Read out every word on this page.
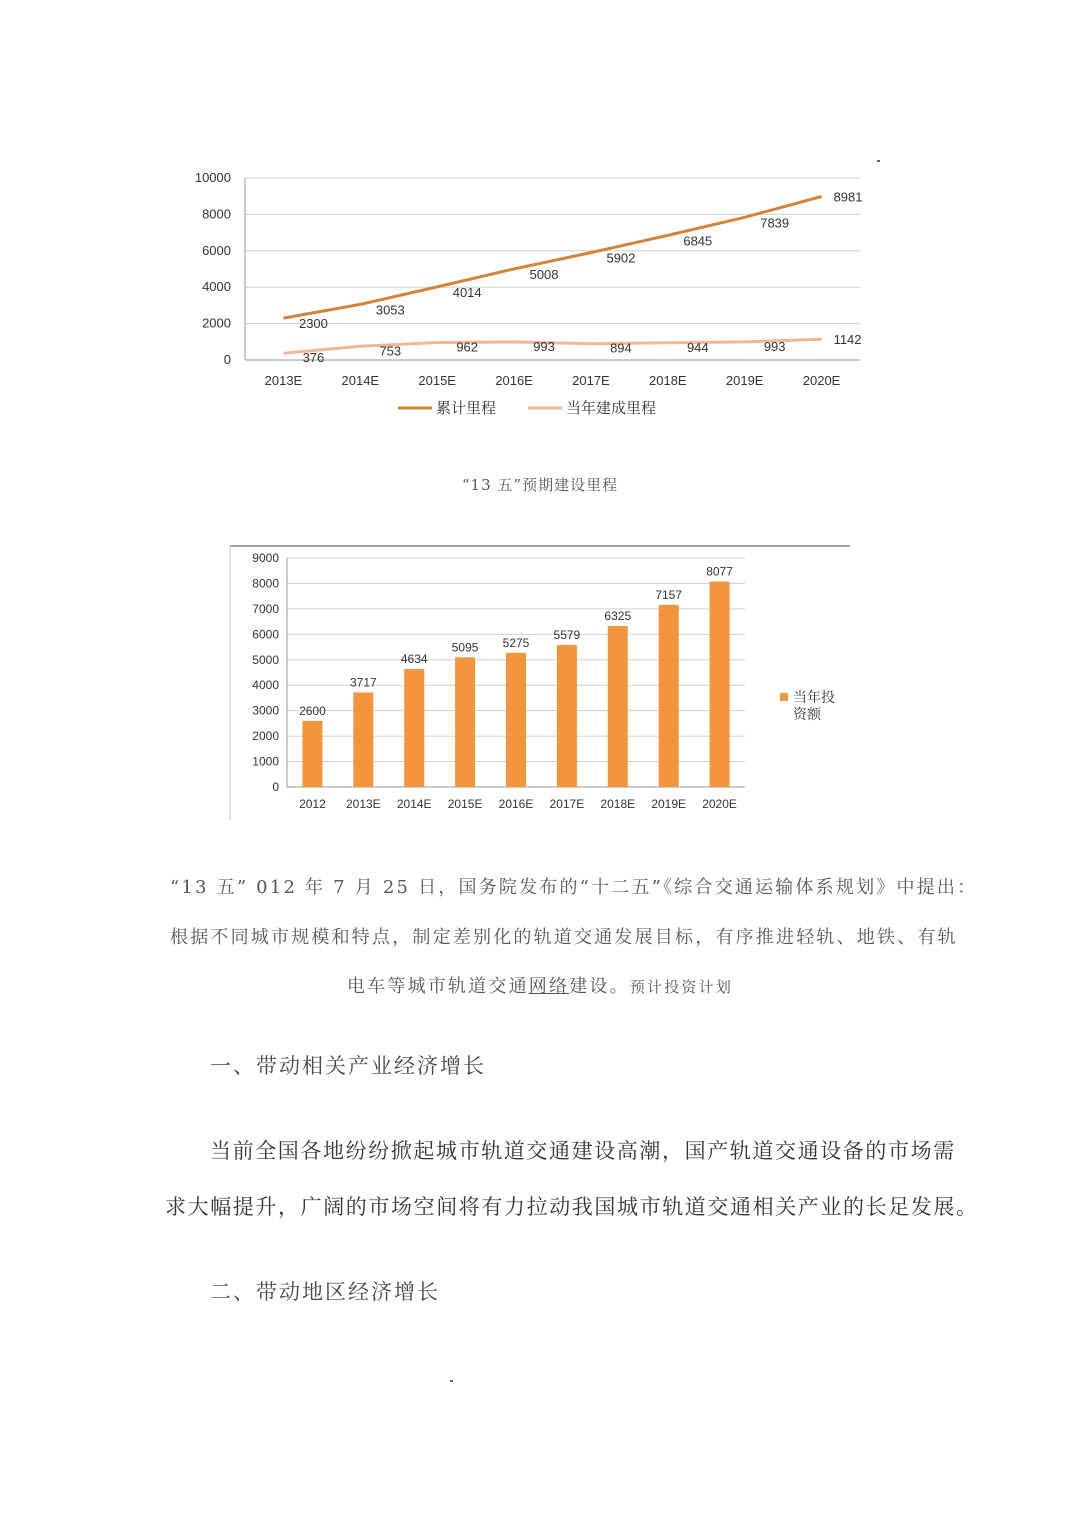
0
2000
4000
6000
8000
10000
2013E	2014E	2015E	2016E	2017E	2018E	2019E	2020E
2300
3053
4014
5008
5902
6845
7839
8981
376	753	962	993	894	944	993	1142
累计里程	当年建成里程
“13 五”预期建设里程
0
1000
2000
3000
4000
5000
6000
7000
8000
9000
2600
3717
4634
5095 5275
5579
6325
7157
8077
2012 2013E 2014E 2015E 2016E 2017E 2018E 2019E 2020E
当年投资额
“13 五” 012 年 7 月 25 日，国务院发布的“十二五”《综合交通运输体系规划》中提出：
根据不同城市规模和特点，制定差别化的轨道交通发展目标，有序推进轻轨、地铁、有轨
电车等城市轨道交通网络建设。预计投资计划
一、带动相关产业经济增长
当前全国各地纷纷掀起城市轨道交通建设高潮，国产轨道交通设备的市场需
求大幅提升，广阔的市场空间将有力拉动我国城市轨道交通相关产业的长足发展。
二、带动地区经济增长
